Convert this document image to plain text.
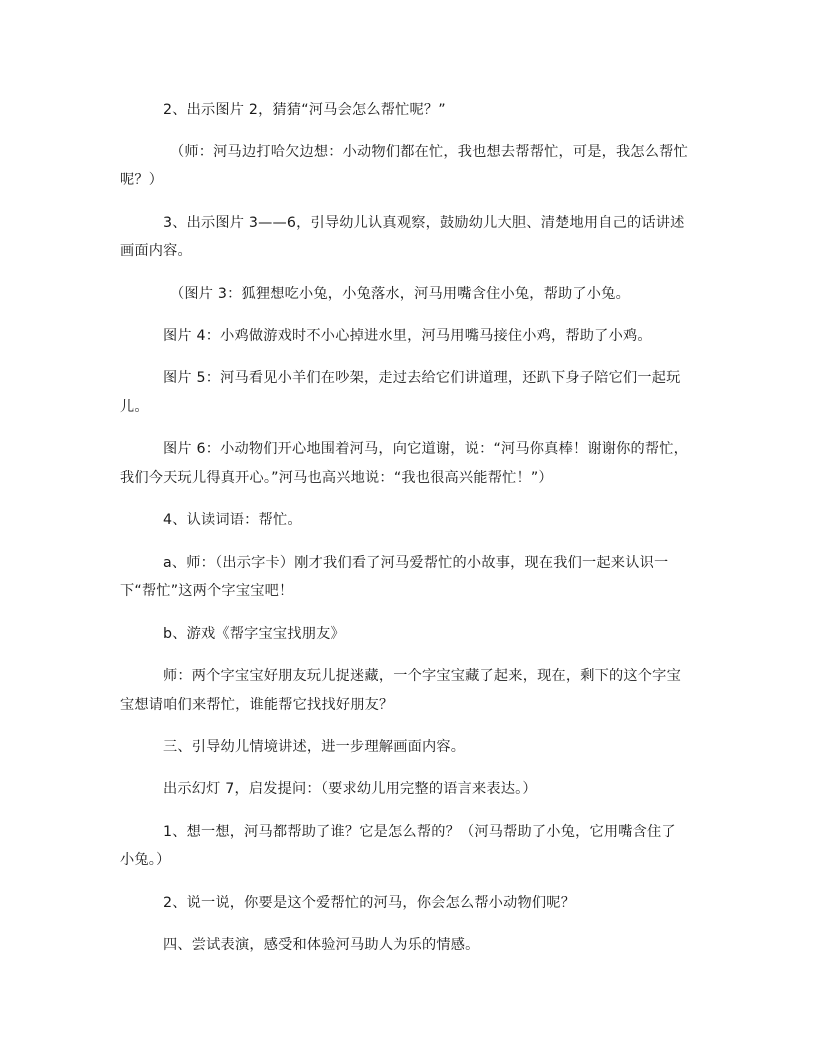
2、出示图片 2，猜猜“河马会怎么帮忙呢？”

（师：河马边打哈欠边想：小动物们都在忙，我也想去帮帮忙，可是，我怎么帮忙

呢？）

3、出示图片 3——6，引导幼儿认真观察，鼓励幼儿大胆、清楚地用自己的话讲述

画面内容。

（图片 3：狐狸想吃小兔，小兔落水，河马用嘴含住小兔，帮助了小兔。

图片 4：小鸡做游戏时不小心掉进水里，河马用嘴马接住小鸡，帮助了小鸡。

图片 5：河马看见小羊们在吵架，走过去给它们讲道理，还趴下身子陪它们一起玩

儿。

图片 6：小动物们开心地围着河马，向它道谢，说：“河马你真棒！谢谢你的帮忙，

我们今天玩儿得真开心。”河马也高兴地说：“我也很高兴能帮忙！”）

4、认读词语：帮忙。

a、师：（出示字卡）刚才我们看了河马爱帮忙的小故事，现在我们一起来认识一

下“帮忙”这两个字宝宝吧！

b、游戏《帮字宝宝找朋友》

师：两个字宝宝好朋友玩儿捉迷藏，一个字宝宝藏了起来，现在，剩下的这个字宝

宝想请咱们来帮忙，谁能帮它找找好朋友？

三、引导幼儿情境讲述，进一步理解画面内容。

出示幻灯 7，启发提问：（要求幼儿用完整的语言来表达。）

1、想一想，河马都帮助了谁？它是怎么帮的？（河马帮助了小兔，它用嘴含住了

小兔。）

2、说一说，你要是这个爱帮忙的河马，你会怎么帮小动物们呢？

四、尝试表演，感受和体验河马助人为乐的情感。
